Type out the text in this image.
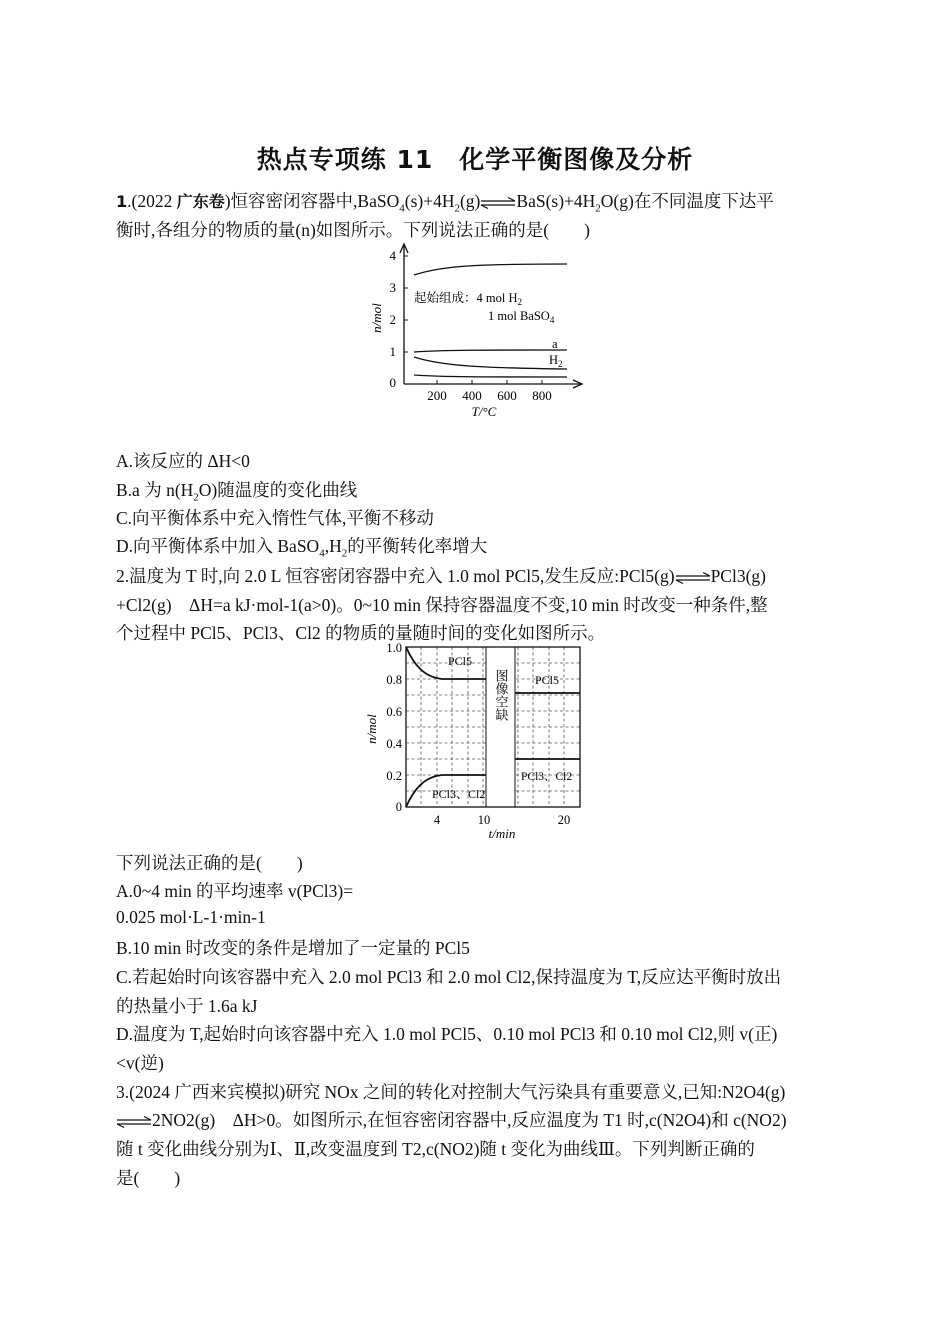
热点专项练 11　化学平衡图像及分析
1.(2022 广东卷)恒容密闭容器中$,BaSO_4(s)+4H_2(g)\rightleftharpoons BaS(s)+4H_2O(g)$在不同温度下达平
衡时,各组分的物质的量(n)如图所示。下列说法正确的是(　　)
4
3
2
1
0
200 400 600 800
T/°C
n/mol
起始组成：4 mol $H_2$
1 mol BaSO$_4$
a
$H_2$
A.该反应的 ΔH<0
B.a 为 $n(H_2O)$随温度的变化曲线
C.向平衡体系中充入惰性气体,平衡不移动
D.向平衡体系中加入 $BaSO_4,H_2$的平衡转化率增大
2.温度为 T 时,向 2.0 L 恒容密闭容器中充入 1.0 mol PCl5,发生反应:PCl5(g)⇌PCl3(g)
+Cl2(g)　ΔH=a kJ·mol-1(a>0)。0~10 min 保持容器温度不变,10 min 时改变一种条件,整
个过程中 PCl5、PCl3、Cl2 的物质的量随时间的变化如图所示。
1.0
0.8
0.6
0.4
0.2
0
4	10	20
t/min
n/mol
PCl5
PCl5
PCl3、Cl2
PCl3、Cl2
图像空缺
下列说法正确的是(　　)
A.0~4 min 的平均速率 v(PCl3)=
0.025 mol·L-1·min-1
B.10 min 时改变的条件是增加了一定量的 PCl5
C.若起始时向该容器中充入 2.0 mol PCl3 和 2.0 mol Cl2,保持温度为 T,反应达平衡时放出
的热量小于 1.6a kJ
D.温度为 T,起始时向该容器中充入 1.0 mol PCl5、0.10 mol PCl3 和 0.10 mol Cl2,则 v(正)
<v(逆)
3.(2024 广西来宾模拟)研究 NOx 之间的转化对控制大气污染具有重要意义,已知:N2O4(g)
⇌2NO2(g)　ΔH>0。如图所示,在恒容密闭容器中,反应温度为 T1 时,c(N2O4)和 c(NO2)
随 t 变化曲线分别为Ⅰ、Ⅱ,改变温度到 T2,c(NO2)随 t 变化为曲线Ⅲ。下列判断正确的
是(　　)
